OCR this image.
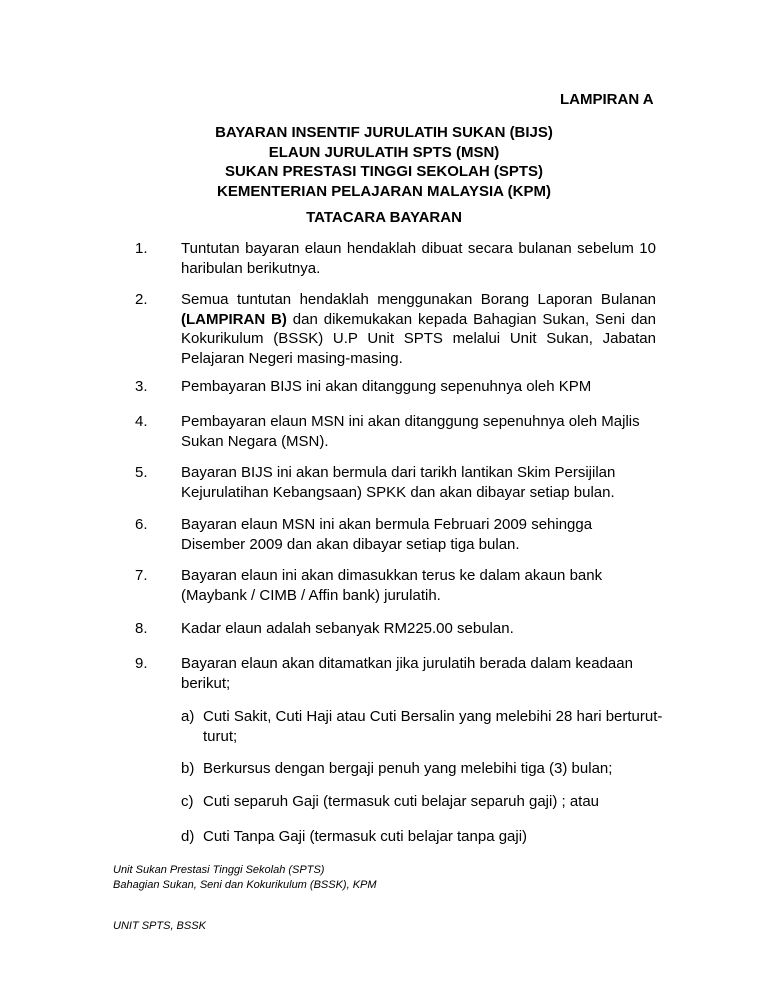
LAMPIRAN A
BAYARAN INSENTIF JURULATIH SUKAN (BIJS)
ELAUN JURULATIH SPTS (MSN)
SUKAN PRESTASI TINGGI SEKOLAH (SPTS)
KEMENTERIAN PELAJARAN MALAYSIA (KPM)
TATACARA BAYARAN
1. Tuntutan bayaran elaun hendaklah dibuat secara bulanan sebelum 10 haribulan berikutnya.
2. Semua tuntutan hendaklah menggunakan Borang Laporan Bulanan (LAMPIRAN B) dan dikemukakan kepada Bahagian Sukan, Seni dan Kokurikulum (BSSK) U.P Unit SPTS melalui Unit Sukan, Jabatan Pelajaran Negeri masing-masing.
3. Pembayaran BIJS ini akan ditanggung sepenuhnya oleh KPM
4. Pembayaran elaun MSN ini akan ditanggung sepenuhnya oleh Majlis Sukan Negara (MSN).
5. Bayaran BIJS ini akan bermula dari tarikh lantikan Skim Persijilan Kejurulatihan Kebangsaan) SPKK dan akan dibayar setiap bulan.
6. Bayaran elaun MSN ini akan bermula Februari 2009 sehingga Disember 2009 dan akan dibayar setiap tiga bulan.
7. Bayaran elaun ini akan dimasukkan terus ke dalam akaun bank (Maybank / CIMB / Affin bank) jurulatih.
8. Kadar elaun adalah sebanyak RM225.00 sebulan.
9. Bayaran elaun akan ditamatkan jika jurulatih berada dalam keadaan berikut;
a) Cuti Sakit, Cuti Haji atau Cuti Bersalin yang melebihi 28 hari berturut-turut;
b) Berkursus dengan bergaji penuh yang melebihi tiga (3) bulan;
c) Cuti separuh Gaji (termasuk cuti belajar separuh gaji) ; atau
d) Cuti Tanpa Gaji (termasuk cuti belajar tanpa gaji)
Unit Sukan Prestasi Tinggi Sekolah (SPTS)
Bahagian Sukan, Seni dan Kokurikulum (BSSK), KPM
UNIT SPTS, BSSK
